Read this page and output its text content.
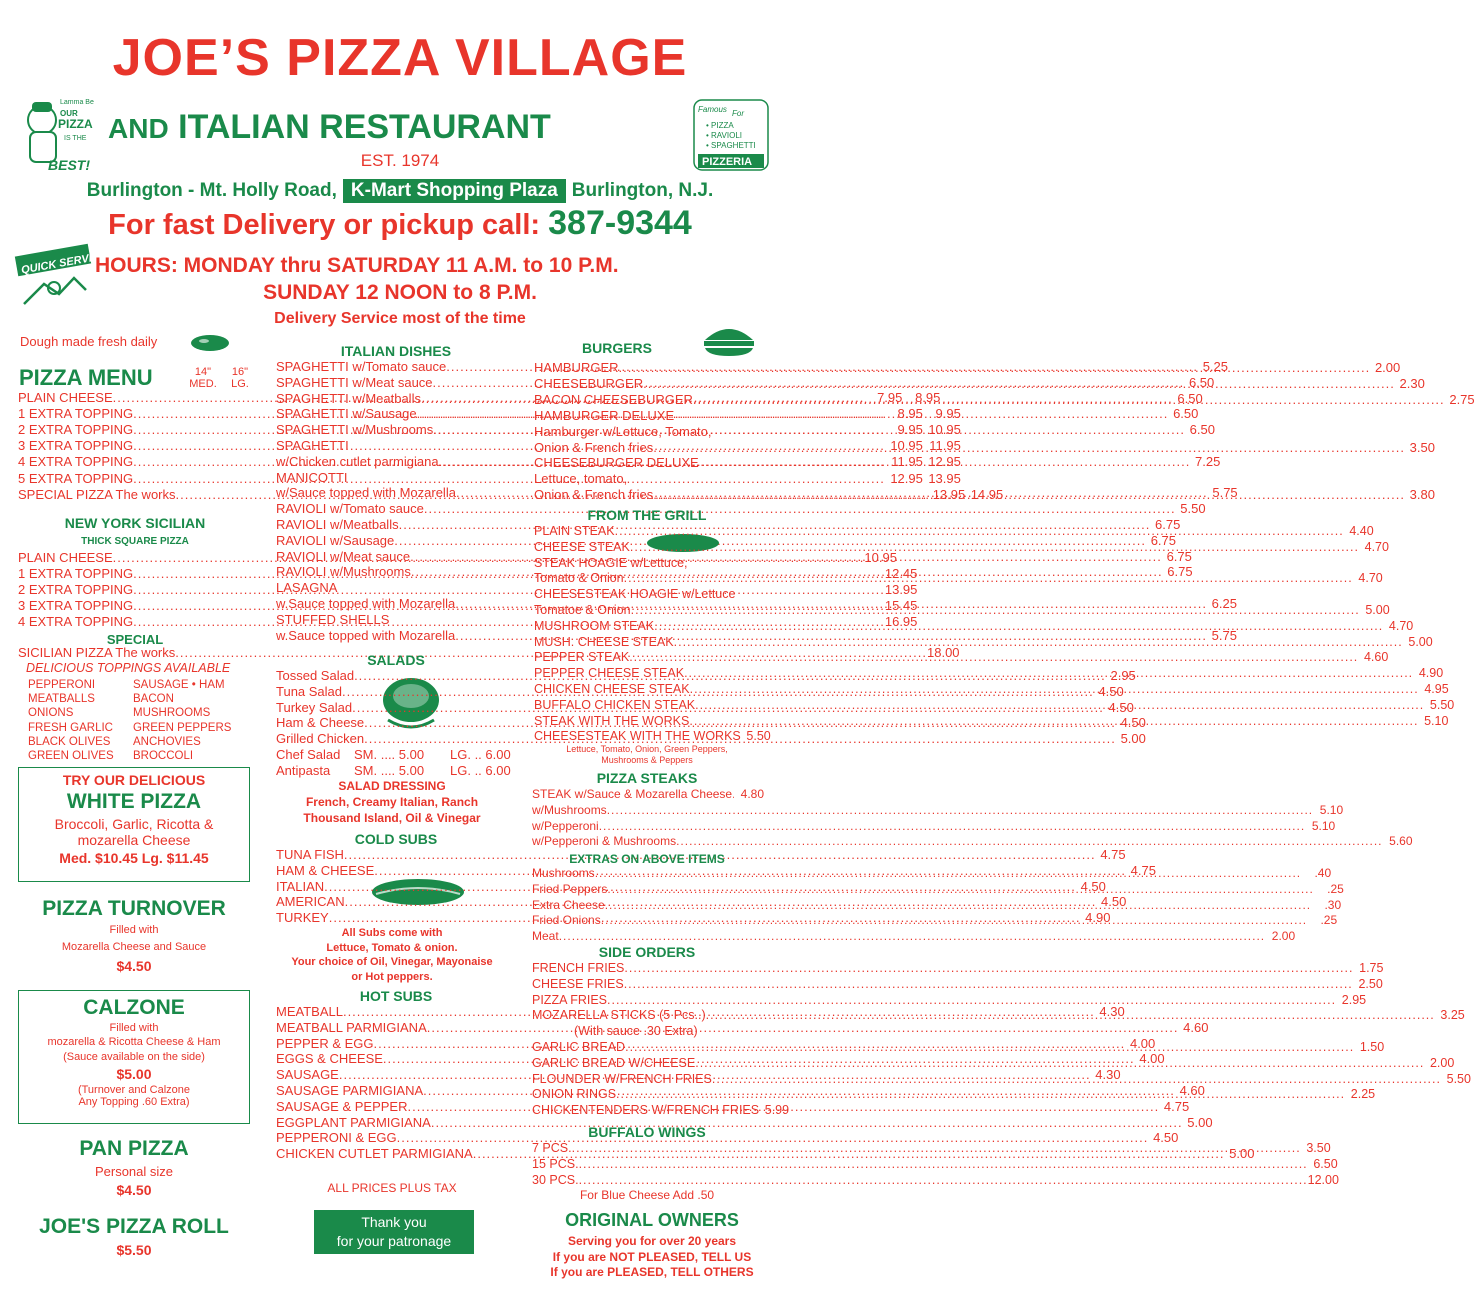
JOE’S PIZZA VILLAGE
Lamma Be
OUR
PIZZA
IS THE
BEST!
AND ITALIAN RESTAURANT	Famous For
• PIZZA
• RAVIOLI
• SPAGHETTI
PIZZERIA
EST. 1974
Burlington - Mt. Holly Road, K-Mart Shopping Plaza Burlington, N.J.
For fast Delivery or pickup call: 387-9344
QUICK SERVICE
HOURS: MONDAY thru SATURDAY 11 A.M. to 10 P.M.
SUNDAY 12 NOON to 8 P.M.
Delivery Service most of the time
Dough made fresh daily
PIZZA MENU	14"
MED.
16"
LG.
PLAIN CHEESE .....	7.95 8.95
1 EXTRA TOPPING .....	8.95 9.95
2 EXTRA TOPPING .....	9.95 10.95
3 EXTRA TOPPING .....	10.95 11.95
4 EXTRA TOPPING .....	11.95 12.95
5 EXTRA TOPPING .....	12.95 13.95
SPECIAL PIZZA The works .....	13.95 14.95
NEW YORK SICILIAN
THICK SQUARE PIZZA
PLAIN CHEESE .....	10.95
1 EXTRA TOPPING .....	12.45
2 EXTRA TOPPING .....	13.95
3 EXTRA TOPPING .....	15.45
4 EXTRA TOPPING .....	16.95
SPECIAL
SICILIAN PIZZA The works .....	18.00
DELICIOUS TOPPINGS AVAILABLE
PEPPERONI
MEATBALLS
ONIONS
FRESH GARLIC
BLACK OLIVES
GREEN OLIVES
SAUSAGE • HAM
BACON
MUSHROOMS
GREEN PEPPERS
ANCHOVIES
BROCCOLI
TRY OUR DELICIOUS
WHITE PIZZA
Broccoli, Garlic, Ricotta &
mozarella Cheese
Med. $10.45 Lg. $11.45
PIZZA TURNOVER
Filled with
Mozarella Cheese and Sauce
$4.50
CALZONE
Filled with
mozarella & Ricotta Cheese & Ham
(Sauce available on the side)
$5.00
(Turnover and Calzone
Any Topping .60 Extra)
PAN PIZZA
Personal size
$4.50
JOE'S PIZZA ROLL
$5.50
ITALIAN DISHES
SPAGHETTI w/Tomato sauce .....	5.25
SPAGHETTI w/Meat sauce .....	6.50
SPAGHETTI w/Meatballs .....	6.50
SPAGHETTI w/Sausage .....	6.50
SPAGHETTI w/Mushrooms .....	6.50
SPAGHETTI
w/Chicken cutlet parmigiana .....	7.25
MANICOTTI
w/Sauce topped with Mozarella .....	5.75
RAVIOLI w/Tomato sauce .....	5.50
RAVIOLI w/Meatballs .....	6.75
RAVIOLI w/Sausage .....	6.75
RAVIOLI w/Meat sauce .....	6.75
RAVIOLI w/Mushrooms .....	6.75
LASAGNA
w.Sauce topped with Mozarella .....	6.25
STUFFED SHELLS
w.Sauce topped with Mozarella .....	5.75
SALADS
Tossed Salad .....	2.95
Tuna Salad .....	4.50
Turkey Salad .....	4.50
Ham & Cheese .....	4.50
Grilled Chicken .....	5.00
Chef Salad	SM. .... 5.00	LG. .. 6.00
Antipasta	SM. .... 5.00	LG. .. 6.00
SALAD DRESSING
French, Creamy Italian, Ranch
Thousand Island, Oil & Vinegar
COLD SUBS
TUNA FISH .....	4.75
HAM & CHEESE .....	4.75
ITALIAN .....	4.50
AMERICAN .....	4.50
TURKEY .....	4.90
All Subs come with
Lettuce, Tomato & onion.
Your choice of Oil, Vinegar, Mayonaise
or Hot peppers.
HOT SUBS
MEATBALL .....	4.30
MEATBALL PARMIGIANA .....	4.60
PEPPER & EGG .....	4.00
EGGS & CHEESE .....	4.00
SAUSAGE .....	4.30
SAUSAGE PARMIGIANA .....	4.60
SAUSAGE & PEPPER .....	4.75
EGGPLANT PARMIGIANA .....	5.00
PEPPERONI & EGG .....	4.50
CHICKEN CUTLET PARMIGIANA .....	5.00
ALL PRICES PLUS TAX
Thank you
for your patronage
BURGERS
HAMBURGER .....	2.00
CHEESEBURGER .....	2.30
BACON CHEESEBURGER .....	2.75
HAMBURGER DELUXE
Hamburger w/Lettuce, Tomato,
Onion & French fries .....	3.50
CHEESEBURGER DELUXE
Lettuce, tomato,
Onion & French fries .....	3.80
FROM THE GRILL
PLAIN STEAK .....	4.40
CHEESE STEAK .....	4.70
STEAK HOAGIE w/Lettuce,
Tomato & Onion .....	4.70
CHEESESTEAK HOAGIE w/Lettuce
Tomatoe & Onion .....	5.00
MUSHROOM STEAK .....	4.70
MUSH. CHEESE STEAK .....	5.00
PEPPER STEAK .....	4.60
PEPPER CHEESE STEAK .....	4.90
CHICKEN CHEESE STEAK .....	4.95
BUFFALO CHICKEN STEAK .....	5.50
STEAK WITH THE WORKS .....	5.10
CHEESESTEAK WITH THE WORKS 5.50
Lettuce, Tomato, Onion, Green Peppers,
Mushrooms & Peppers
PIZZA STEAKS
STEAK w/Sauce & Mozarella Cheese ..... 4.80
w/Mushrooms .....	5.10
w/Pepperoni .....	5.10
w/Pepperoni & Mushrooms .....	5.60
EXTRAS ON ABOVE ITEMS
Mushrooms .....	.40
Fried Peppers .....	.25
Extra Cheese .....	.30
Fried Onions .....	.25
Meat .....	2.00
SIDE ORDERS
FRENCH FRIES .....	1.75
CHEESE FRIES .....	2.50
PIZZA FRIES .....	2.95
MOZARELLA STICKS (5 Pcs..) .....	3.25
(With sauce .30 Extra)
GARLIC BREAD .....	1.50
GARLIC BREAD W/CHEESE .....	2.00
FLOUNDER W/FRENCH FRIES .....	5.50
ONION RINGS .....	2.25
CHICKENTENDERS W/FRENCH FRIES 5.99
BUFFALO WINGS
7 PCS. .....	3.50
15 PCS. .....	6.50
30 PCS. .....	12.00
For Blue Cheese Add .50
ORIGINAL OWNERS
Serving you for over 20 years
If you are NOT PLEASED, TELL US
If you are PLEASED, TELL OTHERS
